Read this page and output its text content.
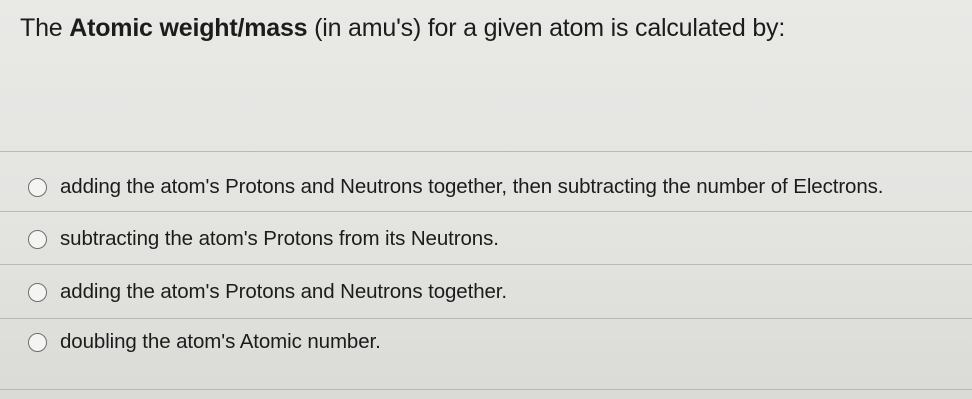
The Atomic weight/mass (in amu's) for a given atom is calculated by:
adding the atom's Protons and Neutrons together, then subtracting the number of Electrons.
subtracting the atom's Protons from its Neutrons.
adding the atom's Protons and Neutrons together.
doubling the atom's Atomic number.
